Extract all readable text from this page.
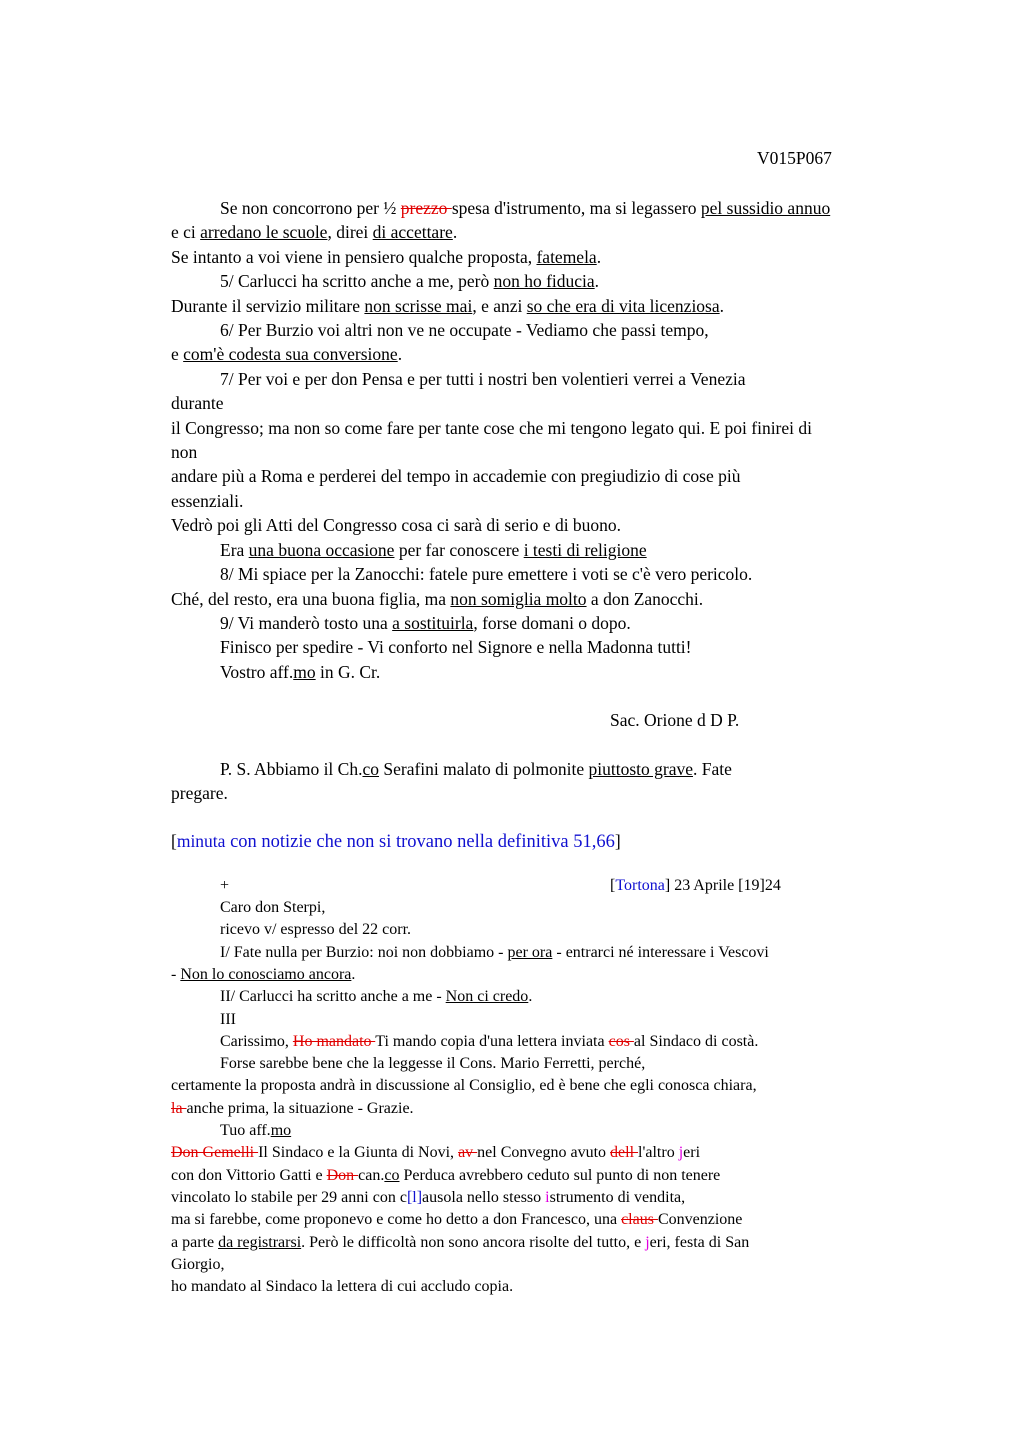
V015P067
Se non concorrono per ½ prezzo spesa d'istrumento, ma si legassero pel sussidio annuo
e ci arredano le scuole, direi di accettare.
Se intanto a voi viene in pensiero qualche proposta, fatemela.
5/ Carlucci ha scritto anche a me, però non ho fiducia.
Durante il servizio militare non scrisse mai, e anzi so che era di vita licenziosa.
6/ Per Burzio voi altri non ve ne occupate - Vediamo che passi tempo,
e com'è codesta sua conversione.
7/ Per voi e per don Pensa e per tutti i nostri ben volentieri verrei a Venezia
durante
il Congresso; ma non so come fare per tante cose che mi tengono legato qui. E poi finirei di
non
andare più a Roma e perderei del tempo in accademie con pregiudizio di cose più
essenziali.
Vedrò poi gli Atti del Congresso cosa ci sarà di serio e di buono.
Era una buona occasione per far conoscere i testi di religione
8/ Mi spiace per la Zanocchi: fatele pure emettere i voti se c'è vero pericolo.
Ché, del resto, era una buona figlia, ma non somiglia molto a don Zanocchi.
9/ Vi manderò tosto una a sostituirla, forse domani o dopo.
Finisco per spedire - Vi conforto nel Signore e nella Madonna tutti!
Vostro aff.mo in G. Cr.
Sac. Orione d D P.
P. S. Abbiamo il Ch.co Serafini malato di polmonite piuttosto grave. Fate
pregare.
[minuta con notizie che non si trovano nella definitiva 51,66]
+	[Tortona] 23 Aprile [19]24
Caro don Sterpi,
ricevo v/ espresso del 22 corr.
I/ Fate nulla per Burzio: noi non dobbiamo - per ora - entrarci né interessare i Vescovi
- Non lo conosciamo ancora.
II/ Carlucci ha scritto anche a me - Non ci credo.
III
Carissimo, Ho mandato Ti mando copia d'una lettera inviata cos al Sindaco di costà.
Forse sarebbe bene che la leggesse il Cons. Mario Ferretti, perché,
certamente la proposta andrà in discussione al Consiglio, ed è bene che egli conosca chiara,
la anche prima, la situazione - Grazie.
Tuo aff.mo
Don Gemelli Il Sindaco e la Giunta di Novi, av nel Convegno avuto dell l'altro jeri
con don Vittorio Gatti e Don can.co Perduca avrebbero ceduto sul punto di non tenere
vincolato lo stabile per 29 anni con c[l]ausola nello stesso istrumento di vendita,
ma si farebbe, come proponevo e come ho detto a don Francesco, una claus Convenzione
a parte da registrarsi. Però le difficoltà non sono ancora risolte del tutto, e jeri, festa di San
Giorgio,
ho mandato al Sindaco la lettera di cui accludo copia.
